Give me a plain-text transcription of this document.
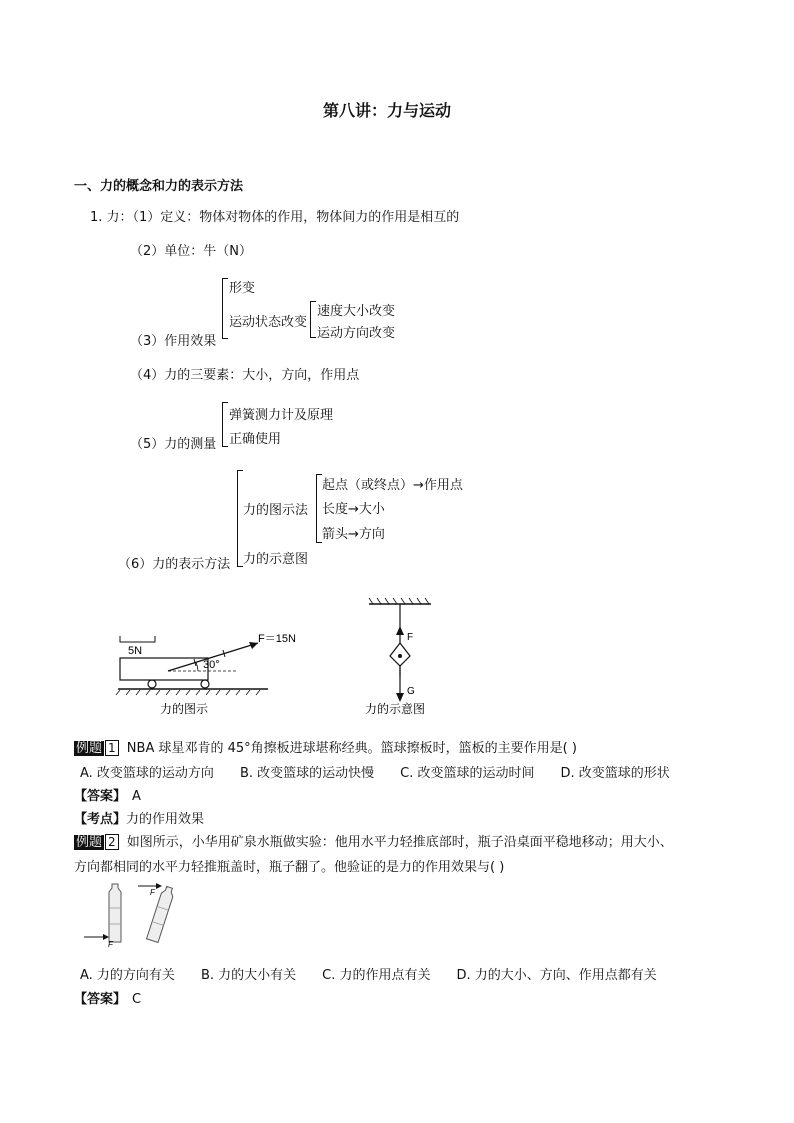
第八讲：力与运动
一、力的概念和力的表示方法
1. 力：（1）定义：物体对物体的作用，物体间力的作用是相互的
（2）单位：牛（N）
（3）作用效果
形变
运动状态改变
速度大小改变
运动方向改变
（4）力的三要素：大小，方向，作用点
（5）力的测量
弹簧测力计及原理
正确使用
（6）力的表示方法
力的图示法
力的示意图
起点（或终点）→作用点
长度→大小
箭头→方向
5N
30°
F＝15N
力的图示
F
G
力的示意图
例题 1 NBA 球星邓肯的 45°角擦板进球堪称经典。篮球擦板时，篮板的主要作用是( )
A. 改变篮球的运动方向 B. 改变篮球的运动快慢 C. 改变篮球的运动时间 D. 改变篮球的形状
【答案】 A
【考点】力的作用效果
例题 2 如图所示，小华用矿泉水瓶做实验：他用水平力轻推底部时，瓶子沿桌面平稳地移动；用大小、
方向都相同的水平力轻推瓶盖时，瓶子翻了。他验证的是力的作用效果与( )
F
F
A. 力的方向有关 B. 力的大小有关 C. 力的作用点有关 D. 力的大小、方向、作用点都有关
【答案】 C
